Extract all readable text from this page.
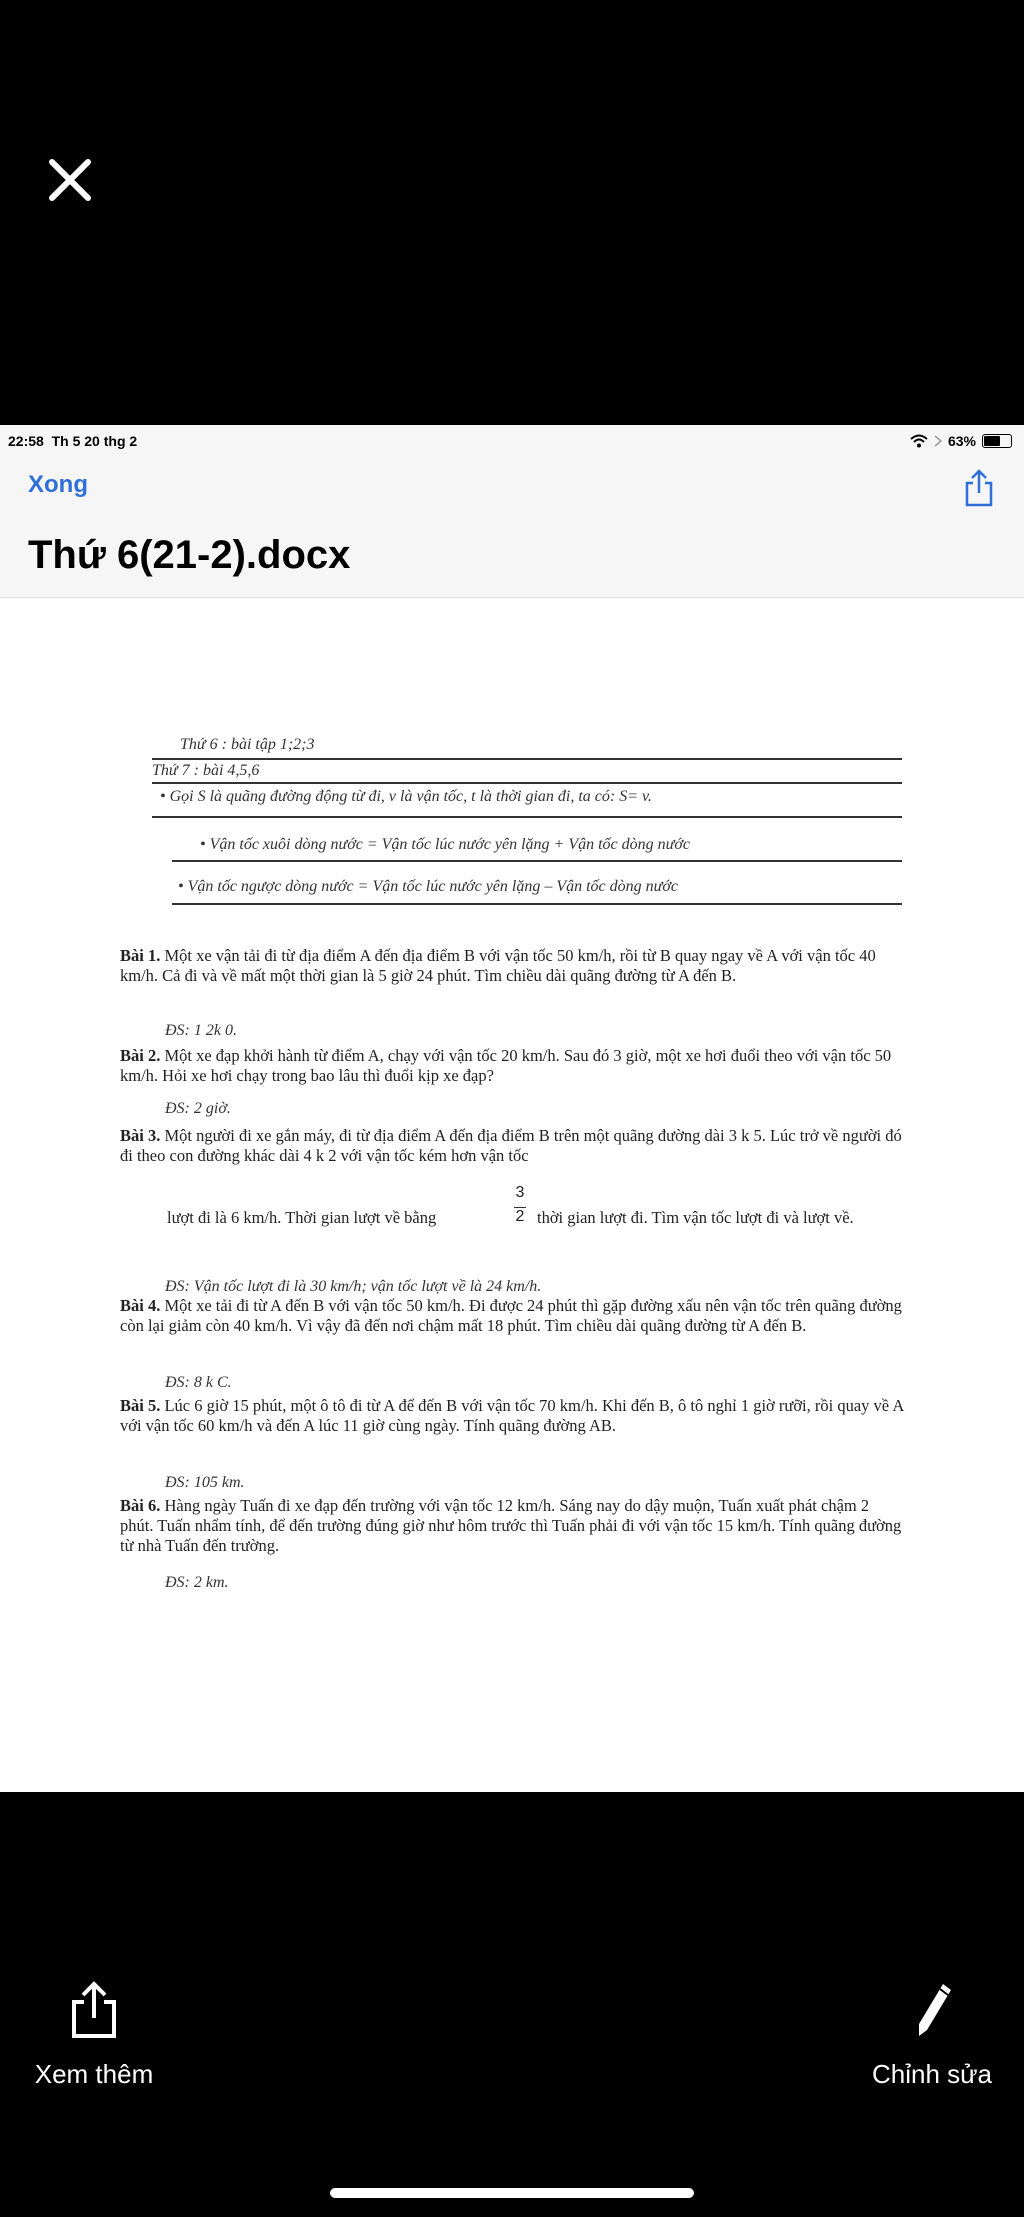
22:58 Th 5 20 thg 2	63%
Xong
Thứ 6(21-2).docx
Thứ 6 : bài tập 1;2;3
Thứ 7 : bài 4,5,6
• Gọi S là quãng đường động từ đi, v là vận tốc, t là thời gian đi, ta có: S= v.
• Vận tốc xuôi dòng nước = Vận tốc lúc nước yên lặng + Vận tốc dòng nước
• Vận tốc ngược dòng nước = Vận tốc lúc nước yên lặng – Vận tốc dòng nước
Bài 1. Một xe vận tải đi từ địa điểm A đến địa điểm B với vận tốc 50 km/h, rồi từ B quay ngay về A với vận tốc 40 km/h. Cả đi và về mất một thời gian là 5 giờ 24 phút. Tìm chiều dài quãng đường từ A đến B.
ĐS: 1 2k 0.
Bài 2. Một xe đạp khởi hành từ điểm A, chạy với vận tốc 20 km/h. Sau đó 3 giờ, một xe hơi đuổi theo với vận tốc 50 km/h. Hỏi xe hơi chạy trong bao lâu thì đuổi kịp xe đạp?
ĐS: 2 giờ.
Bài 3. Một người đi xe gắn máy, đi từ địa điểm A đến địa điểm B trên một quãng đường dài 3 k 5. Lúc trở về người đó đi theo con đường khác dài 4 k 2 với vận tốc kém hơn vận tốc
3
2
lượt đi là 6 km/h. Thời gian lượt về bằng	thời gian lượt đi. Tìm vận tốc lượt đi và lượt về.
ĐS: Vận tốc lượt đi là 30 km/h; vận tốc lượt về là 24 km/h.
Bài 4. Một xe tải đi từ A đến B với vận tốc 50 km/h. Đi được 24 phút thì gặp đường xấu nên vận tốc trên quãng đường còn lại giảm còn 40 km/h. Vì vậy đã đến nơi chậm mất 18 phút. Tìm chiều dài quãng đường từ A đến B.
ĐS: 8 k C.
Bài 5. Lúc 6 giờ 15 phút, một ô tô đi từ A để đến B với vận tốc 70 km/h. Khi đến B, ô tô nghỉ 1 giờ rưỡi, rồi quay về A với vận tốc 60 km/h và đến A lúc 11 giờ cùng ngày. Tính quãng đường AB.
ĐS: 105 km.
Bài 6. Hàng ngày Tuấn đi xe đạp đến trường với vận tốc 12 km/h. Sáng nay do dậy muộn, Tuấn xuất phát chậm 2 phút. Tuấn nhẩm tính, để đến trường đúng giờ như hôm trước thì Tuấn phải đi với vận tốc 15 km/h. Tính quãng đường từ nhà Tuấn đến trường.
ĐS: 2 km.
Xem thêm	Chỉnh sửa
